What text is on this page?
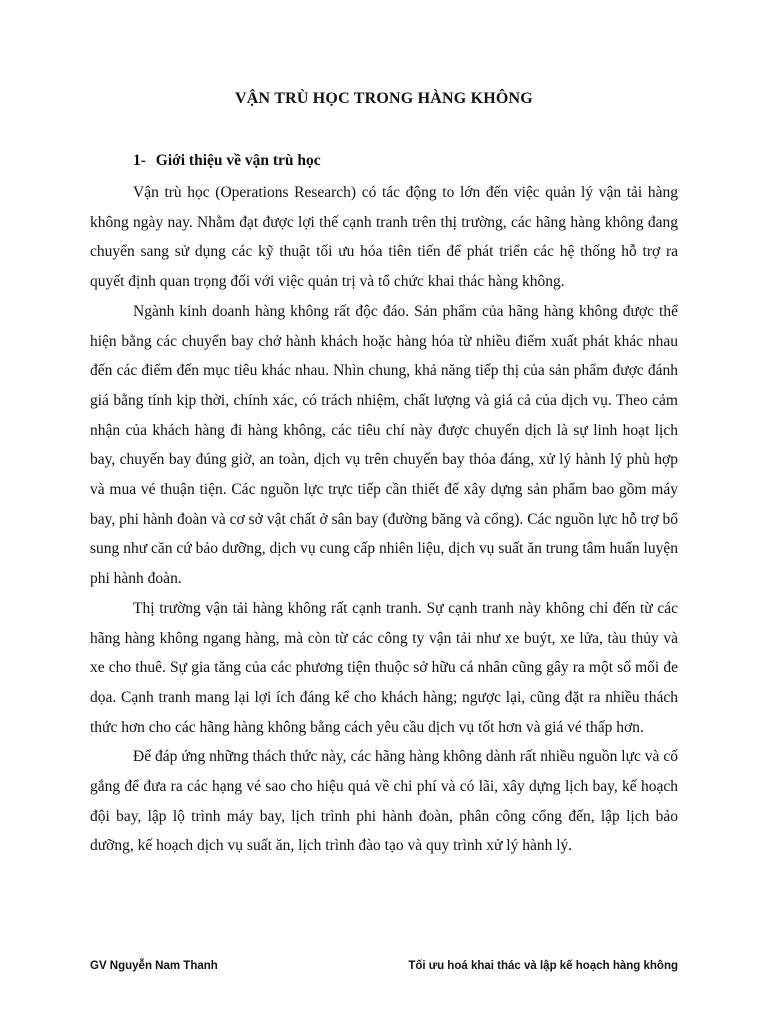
VẬN TRÙ HỌC TRONG HÀNG KHÔNG
1- Giới thiệu về vận trù học

Vận trù học (Operations Research) có tác động to lớn đến việc quản lý vận tải hàng không ngày nay. Nhằm đạt được lợi thế cạnh tranh trên thị trường, các hãng hàng không đang chuyển sang sử dụng các kỹ thuật tối ưu hóa tiên tiến để phát triển các hệ thống hỗ trợ ra quyết định quan trọng đối với việc quản trị và tổ chức khai thác hàng không.

Ngành kinh doanh hàng không rất độc đáo. Sản phẩm của hãng hàng không được thể hiện bằng các chuyến bay chở hành khách hoặc hàng hóa từ nhiều điểm xuất phát khác nhau đến các điểm đến mục tiêu khác nhau. Nhìn chung, khả năng tiếp thị của sản phẩm được đánh giá bằng tính kịp thời, chính xác, có trách nhiệm, chất lượng và giá cả của dịch vụ. Theo cảm nhận của khách hàng đi hàng không, các tiêu chí này được chuyển dịch là sự linh hoạt lịch bay, chuyến bay đúng giờ, an toàn, dịch vụ trên chuyến bay thỏa đáng, xử lý hành lý phù hợp và mua vé thuận tiện. Các nguồn lực trực tiếp cần thiết để xây dựng sản phẩm bao gồm máy bay, phi hành đoàn và cơ sở vật chất ở sân bay (đường băng và cổng). Các nguồn lực hỗ trợ bổ sung như căn cứ bảo dưỡng, dịch vụ cung cấp nhiên liệu, dịch vụ suất ăn trung tâm huấn luyện phi hành đoàn.

Thị trường vận tải hàng không rất cạnh tranh. Sự cạnh tranh này không chỉ đến từ các hãng hàng không ngang hàng, mà còn từ các công ty vận tải như xe buýt, xe lửa, tàu thủy và xe cho thuê. Sự gia tăng của các phương tiện thuộc sở hữu cá nhân cũng gây ra một số mối đe dọa. Cạnh tranh mang lại lợi ích đáng kể cho khách hàng; ngược lại, cũng đặt ra nhiều thách thức hơn cho các hãng hàng không bằng cách yêu cầu dịch vụ tốt hơn và giá vé thấp hơn.

Để đáp ứng những thách thức này, các hãng hàng không dành rất nhiều nguồn lực và cố gắng để đưa ra các hạng vé sao cho hiệu quả về chi phí và có lãi, xây dựng lịch bay, kế hoạch đội bay, lập lộ trình máy bay, lịch trình phi hành đoàn, phân công cổng đến, lập lịch bảo dưỡng, kế hoạch dịch vụ suất ăn, lịch trình đào tạo và quy trình xử lý hành lý.

GV Nguyễn Nam Thanh	Tối ưu hoá khai thác và lập kế hoạch hàng không
